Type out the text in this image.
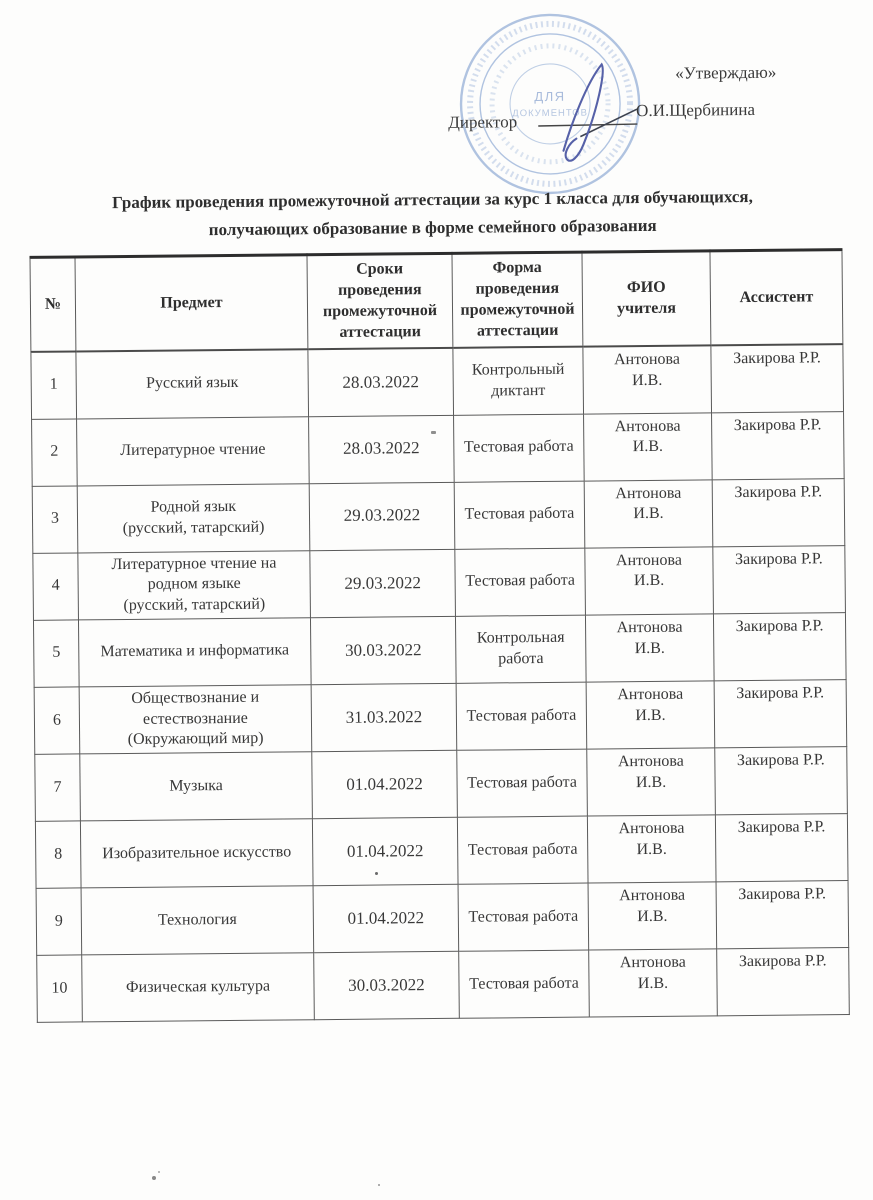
ДЛЯ
ДОКУМЕНТОВ
«Утверждаю»
Директор
О.И.Щербинина
График проведения промежуточной аттестации за курс 1 класса для обучающихся,
получающих образование в форме семейного образования
№	Предмет	Сроки
проведения
промежуточной
аттестации	Форма
проведения
промежуточной
аттестации	ФИО
учителя	Ассистент
1	Русский язык	28.03.2022	Контрольный
диктант	Антонова
И.В.	Закирова Р.Р.
2	Литературное чтение	28.03.2022	Тестовая работа	Антонова
И.В.	Закирова Р.Р.
3	Родной язык
(русский, татарский)	29.03.2022	Тестовая работа	Антонова
И.В.	Закирова Р.Р.
4	Литературное чтение на
родном языке
(русский, татарский)	29.03.2022	Тестовая работа	Антонова
И.В.	Закирова Р.Р.
5	Математика и информатика	30.03.2022	Контрольная
работа	Антонова
И.В.	Закирова Р.Р.
6	Обществознание и
естествознание
(Окружающий мир)	31.03.2022	Тестовая работа	Антонова
И.В.	Закирова Р.Р.
7	Музыка	01.04.2022	Тестовая работа	Антонова
И.В.	Закирова Р.Р.
8	Изобразительное искусство	01.04.2022	Тестовая работа	Антонова
И.В.	Закирова Р.Р.
9	Технология	01.04.2022	Тестовая работа	Антонова
И.В.	Закирова Р.Р.
10	Физическая культура	30.03.2022	Тестовая работа	Антонова
И.В.	Закирова Р.Р.
